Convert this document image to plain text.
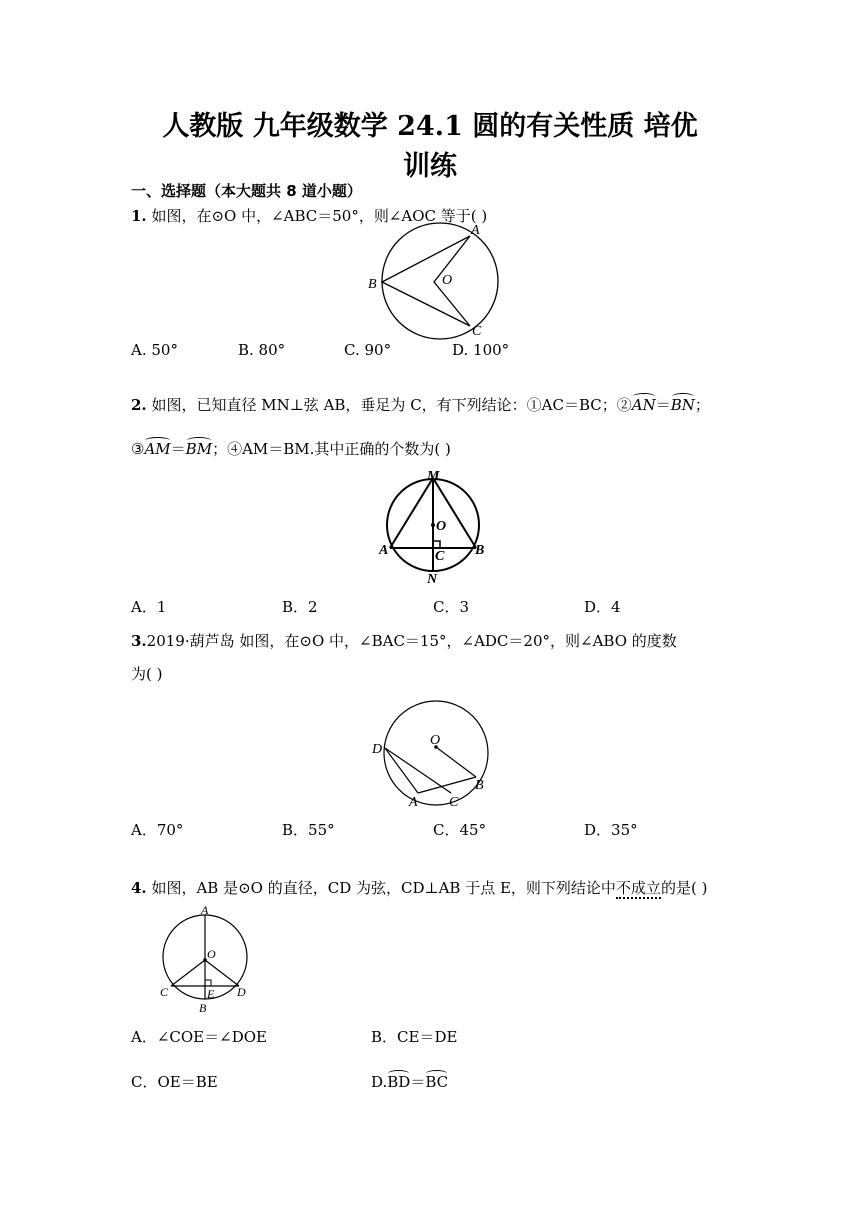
人教版 九年级数学 24.1 圆的有关性质 培优
训练
一、选择题（本大题共 8 道小题）
1. 如图，在⊙O 中，∠ABC＝50°，则∠AOC 等于( )
A
B	O
C
A. 50°	B. 80°	C. 90°	D. 100°
2. 如图，已知直径 MN⊥弦 AB，垂足为 C，有下列结论：①AC＝BC；②AN＝BN；
③AM＝BM；④AM＝BM.其中正确的个数为( )
M
O
A	C B
N
A．1	B．2	C．3	D．4
3.2019·葫芦岛 如图，在⊙O 中，∠BAC＝15°，∠ADC＝20°，则∠ABO 的度数
为( )
O
D
B
A C
A．70°	B．55°	C．45°	D．35°
4. 如图，AB 是⊙O 的直径，CD 为弦，CD⊥AB 于点 E，则下列结论中不成立的是( )
A
O
C	E D
B
A．∠COE＝∠DOE	B．CE＝DE
C．OE＝BE	D.BD＝BC
